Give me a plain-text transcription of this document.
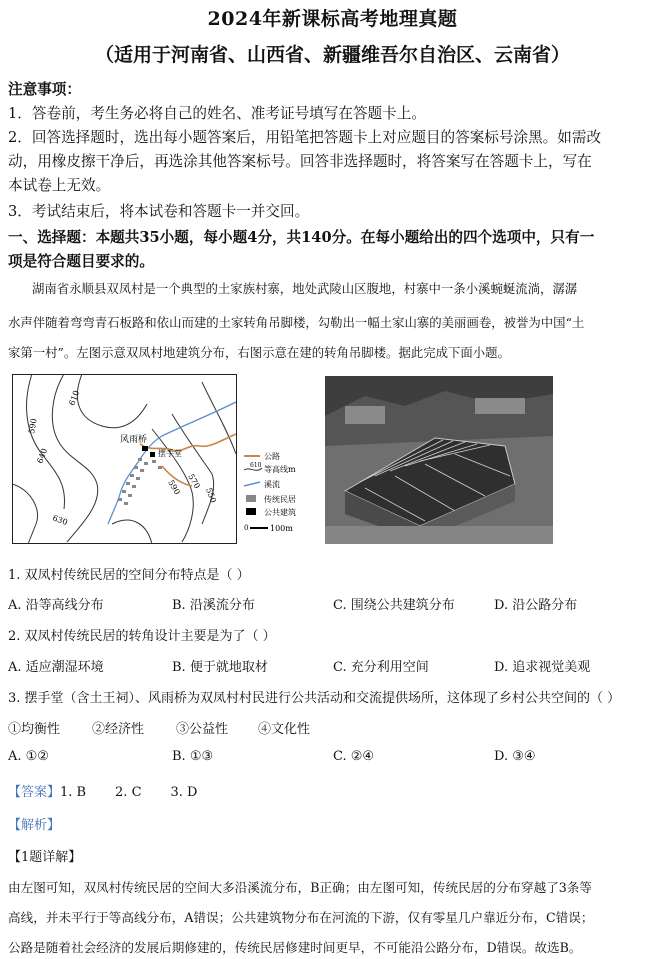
2024年新课标高考地理真题
（适用于河南省、山西省、新疆维吾尔自治区、云南省）
注意事项：
1．答卷前，考生务必将自己的姓名、准考证号填写在答题卡上。
2．回答选择题时，选出每小题答案后，用铅笔把答题卡上对应题目的答案标号涂黑。如需改
动，用橡皮擦干净后，再选涂其他答案标号。回答非选择题时，将答案写在答题卡上，写在
本试卷上无效。
3．考试结束后，将本试卷和答题卡一并交回。
一、选择题：本题共35小题，每小题4分，共140分。在每小题给出的四个选项中，只有一
项是符合题目要求的。
湖南省永顺县双凤村是一个典型的土家族村寨，地处武陵山区腹地，村寨中一条小溪蜿蜒流淌，潺潺
水声伴随着弯弯青石板路和依山而建的土家转角吊脚楼，勾勒出一幅土家山寨的美丽画卷，被誉为中国“土
家第一村”。左图示意双凤村地建筑分布，右图示意在建的转角吊脚楼。据此完成下面小题。
610
590
640
630
570
550
590
风雨桥
摆手堂	公路
610 等高线m
溪流
传统民居
公共建筑
0	100m
1. 双凤村传统民居的空间分布特点是（ ）
A. 沿等高线分布	B. 沿溪流分布	C. 围绕公共建筑分布	D. 沿公路分布
2. 双凤村传统民居的转角设计主要是为了（ ）
A. 适应潮湿环境	B. 便于就地取材	C. 充分利用空间	D. 追求视觉美观
3. 摆手堂（含土王祠）、风雨桥为双凤村村民进行公共活动和交流提供场所，这体现了乡村公共空间的（ ）
①均衡性 ②经济性 ③公益性 ④文化性
A. ①②	B. ①③	C. ②④	D. ③④
【答案】1. B       2. C       3. D
【解析】
【1题详解】
由左图可知，双凤村传统民居的空间大多沿溪流分布，B正确；由左图可知，传统民居的分布穿越了3条等
高线，并未平行于等高线分布，A错误；公共建筑物分布在河流的下游，仅有零星几户靠近分布，C错误；
公路是随着社会经济的发展后期修建的，传统民居修建时间更早，不可能沿公路分布，D错误。故选B。
